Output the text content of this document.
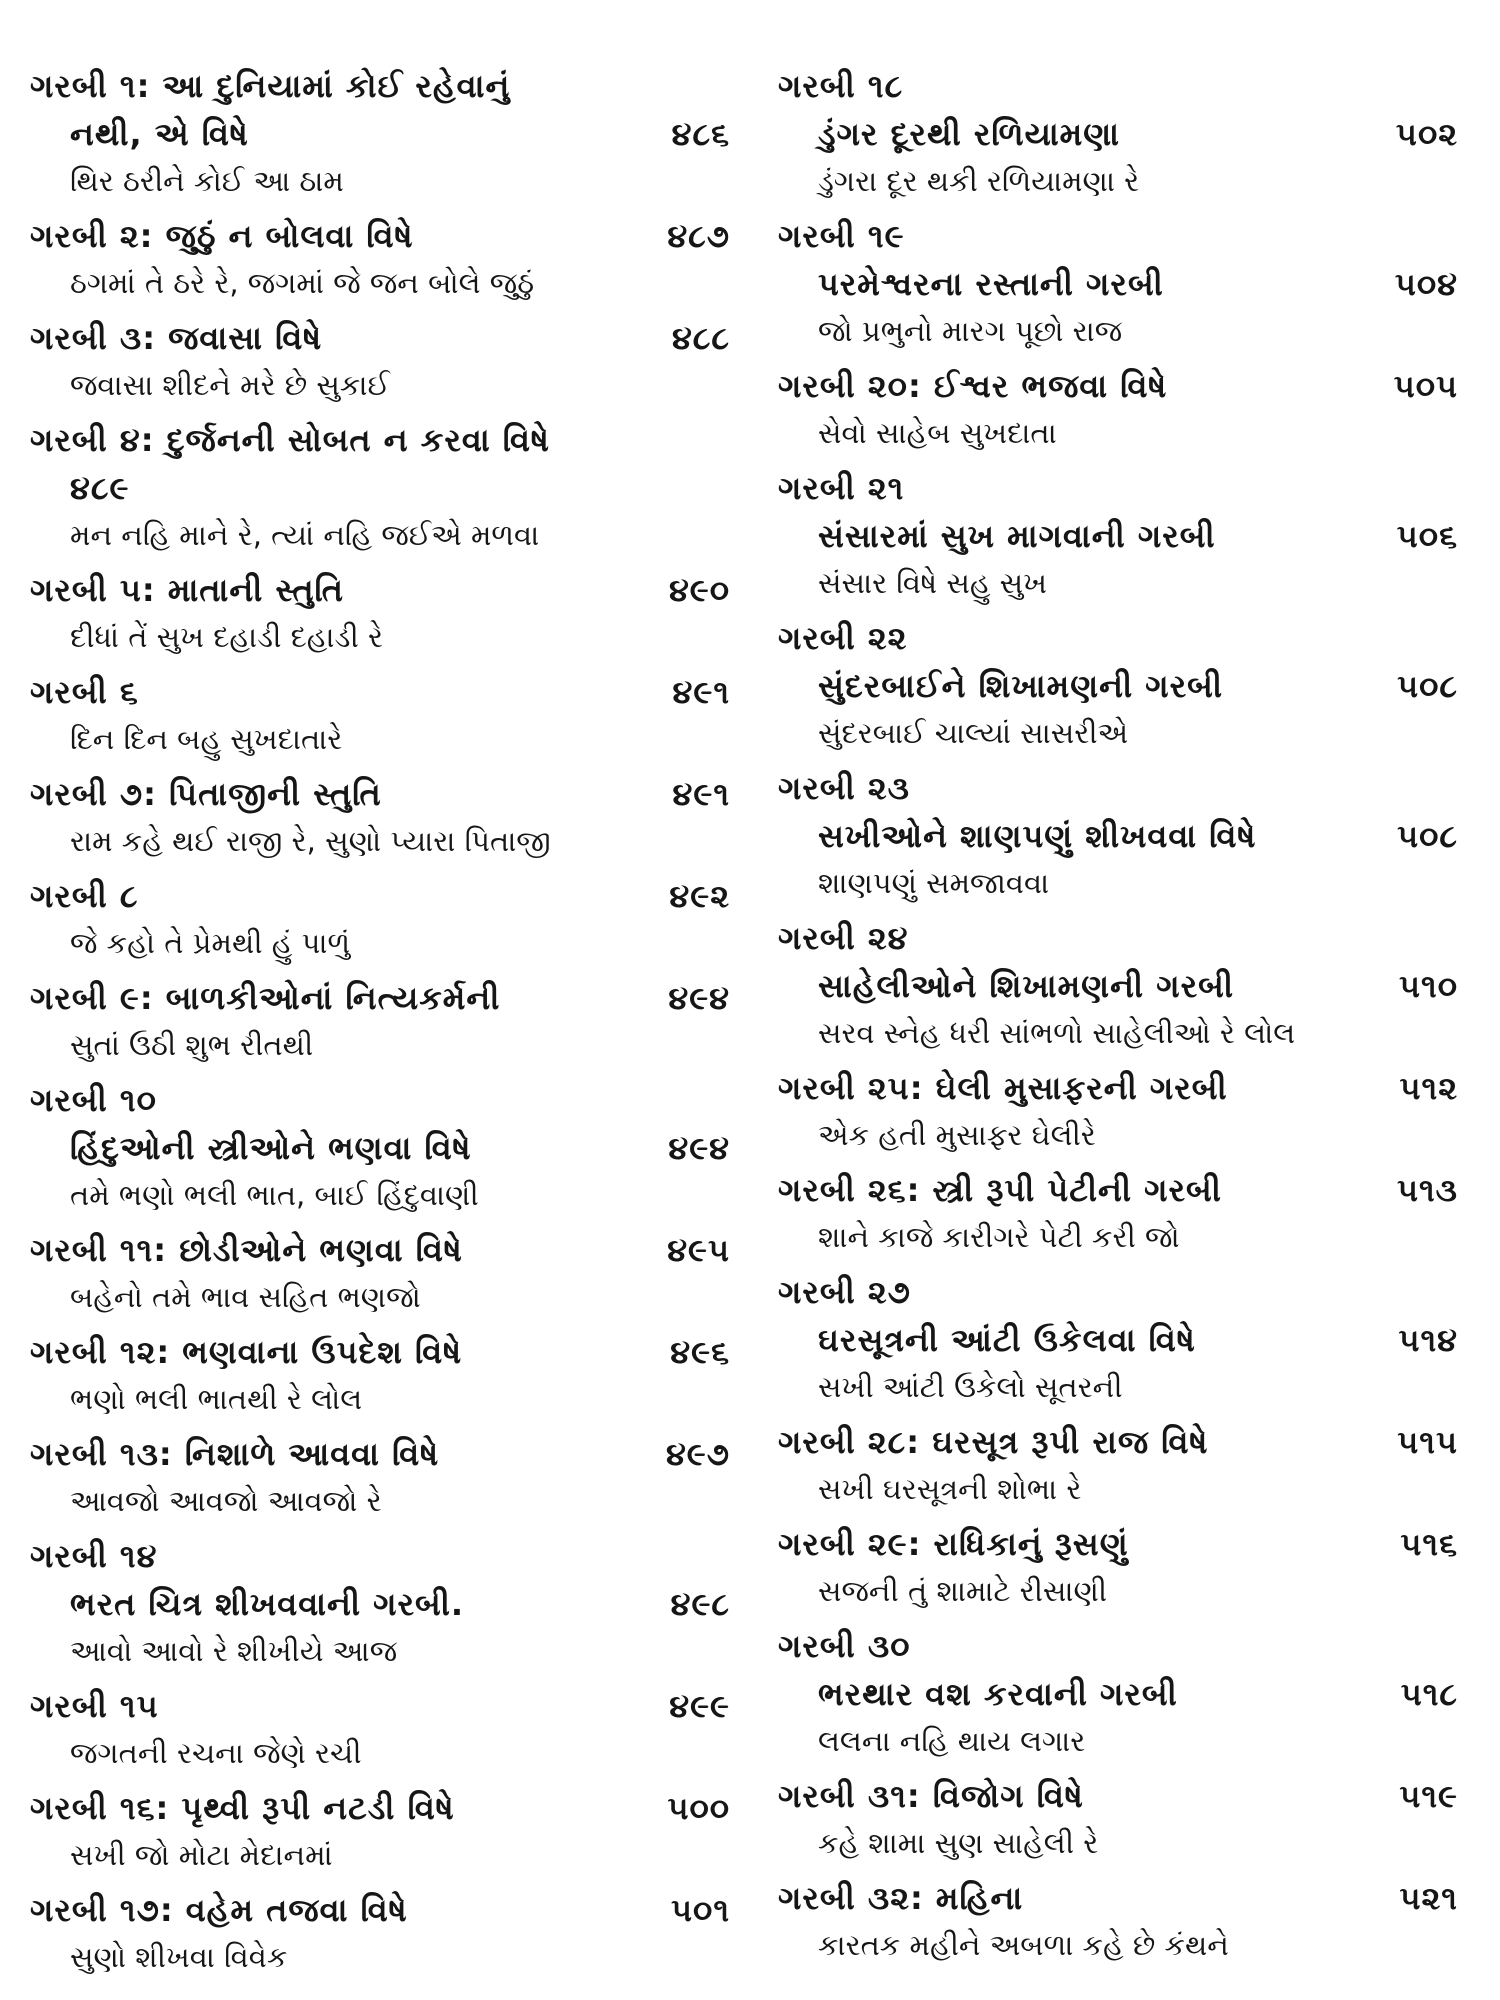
ગરબી ૧: આ દુનિયામાં કોઈ રહેવાનું
નથી, એ વિષે	૪૮૬
થિર ઠરીને કોઈ આ ઠામ
ગરબી ૨: જુઠું ન બોલવા વિષે	૪૮૭
ઠગમાં તે ઠરે રે, જગમાં જે જન બોલે જુઠું
ગરબી ૩: જવાસા વિષે	૪૮૮
જવાસા શીદને મરે છે સુકાઈ
ગરબી ૪: દુર્જનની સોબત ન કરવા વિષે
૪૮૯
મન નહિ માને રે, ત્યાં નહિ જઈએ મળવા
ગરબી ૫: માતાની સ્તુતિ	૪૯૦
દીધાં તેં સુખ દહાડી દહાડી રે
ગરબી ૬	૪૯૧
દિન દિન બહુ સુખદાતારે
ગરબી ૭: પિતાજીની સ્તુતિ	૪૯૧
રામ કહે થઈ રાજી રે, સુણો પ્યારા પિતાજી
ગરબી ૮	૪૯૨
જે કહો તે પ્રેમથી હું પાળું
ગરબી ૯: બાળકીઓનાં નિત્યકર્મની	૪૯૪
સુતાં ઉઠી શુભ રીતથી
ગરબી ૧૦
હિંદુઓની સ્ત્રીઓને ભણવા વિષે	૪૯૪
તમે ભણો ભલી ભાત, બાઈ હિંદુવાણી
ગરબી ૧૧: છોડીઓને ભણવા વિષે	૪૯૫
બહેનો તમે ભાવ સહિત ભણજો
ગરબી ૧૨: ભણવાના ઉપદેશ વિષે	૪૯૬
ભણો ભલી ભાતથી રે લોલ
ગરબી ૧૩: નિશાળે આવવા વિષે	૪૯૭
આવજો આવજો આવજો રે
ગરબી ૧૪
ભરત ચિત્ર શીખવવાની ગરબી.	૪૯૮
આવો આવો રે શીખીયે આજ
ગરબી ૧૫	૪૯૯
જગતની રચના જેણે રચી
ગરબી ૧૬: પૃથ્વી રૂપી નટડી વિષે	૫૦૦
સખી જો મોટા મેદાનમાં
ગરબી ૧૭: વહેમ તજવા વિષે	૫૦૧
સુણો શીખવા વિવેક
ગરબી ૧૮
ડુંગર દૂરથી રળિયામણા	૫૦૨
ડુંગરા દૂર થકી રળિયામણા રે
ગરબી ૧૯
પરમેશ્વરના રસ્તાની ગરબી	૫૦૪
જો પ્રભુનો મારગ પૂછો રાજ
ગરબી ૨૦: ઈશ્વર ભજવા વિષે	૫૦૫
સેવો સાહેબ સુખદાતા
ગરબી ૨૧
સંસારમાં સુખ માગવાની ગરબી	૫૦૬
સંસાર વિષે સહુ સુખ
ગરબી ૨૨
સુંદરબાઈને શિખામણની ગરબી	૫૦૮
સુંદરબાઈ ચાલ્યાં સાસરીએ
ગરબી ૨૩
સખીઓને શાણપણું શીખવવા વિષે	૫૦૮
શાણપણું સમજાવવા
ગરબી ૨૪
સાહેલીઓને શિખામણની ગરબી	૫૧૦
સરવ સ્નેહ ધરી સાંભળો સાહેલીઓ રે લોલ
ગરબી ૨૫: ઘેલી મુસાફરની ગરબી	૫૧૨
એક હતી મુસાફર ઘેલીરે
ગરબી ૨૬: સ્ત્રી રૂપી પેટીની ગરબી	૫૧૩
શાને કાજે કારીગરે પેટી કરી જો
ગરબી ૨૭
ઘરસૂત્રની આંટી ઉકેલવા વિષે	૫૧૪
સખી આંટી ઉકેલો સૂતરની
ગરબી ૨૮: ઘરસૂત્ર રૂપી રાજ વિષે	૫૧૫
સખી ઘરસૂત્રની શોભા રે
ગરબી ૨૯: રાધિકાનું રૂસણું	૫૧૬
સજની તું શામાટે રીસાણી
ગરબી ૩૦
ભરથાર વશ કરવાની ગરબી	૫૧૮
લલના નહિ થાય લગાર
ગરબી ૩૧: વિજોગ વિષે	૫૧૯
કહે શામા સુણ સાહેલી રે
ગરબી ૩૨: મહિના	૫૨૧
કારતક મહીને અબળા કહે છે કંથને
